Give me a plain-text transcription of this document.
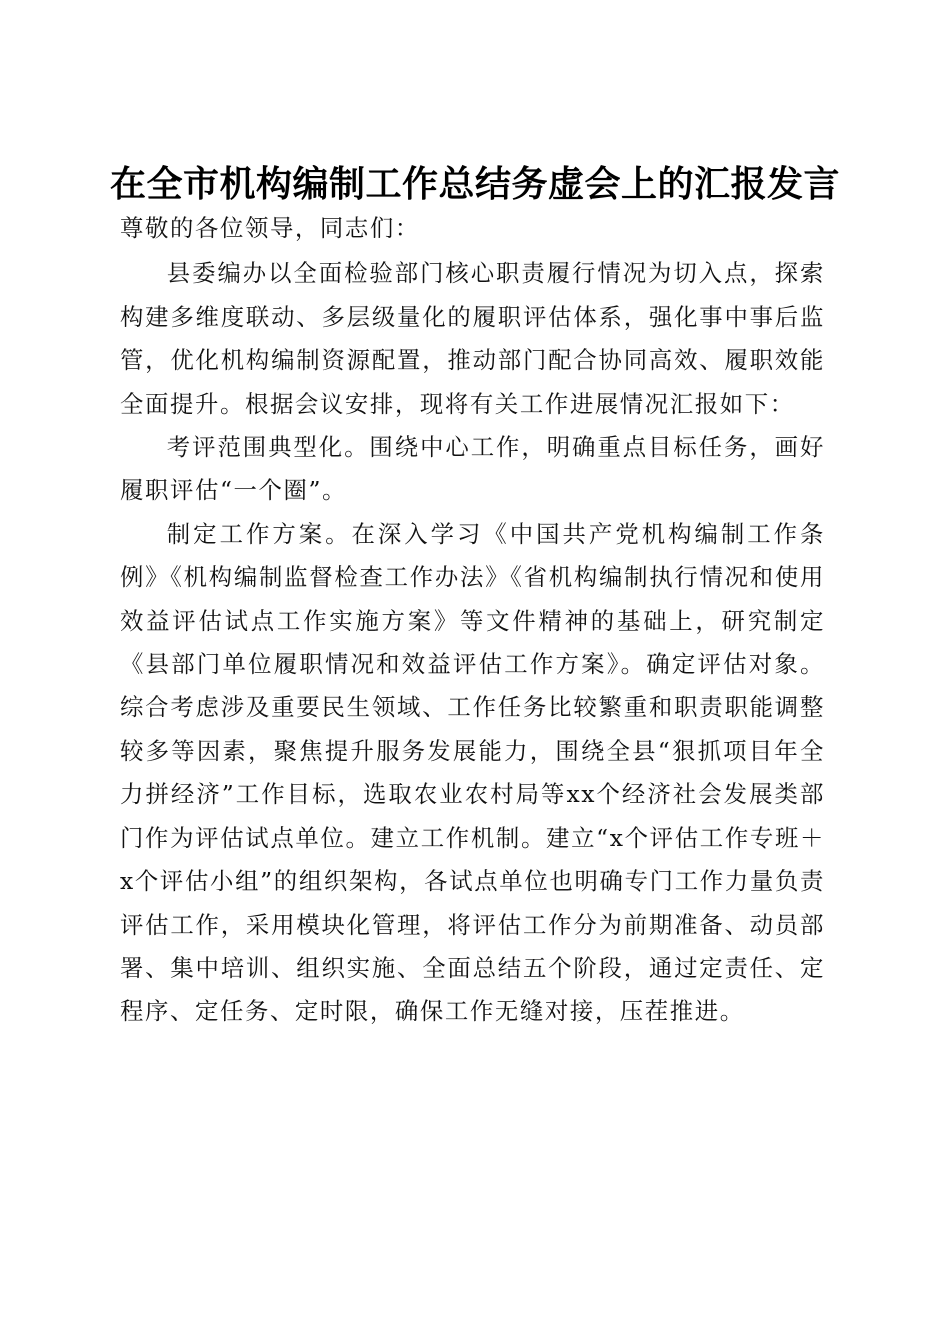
在全市机构编制工作总结务虚会上的汇报发言

尊敬的各位领导，同志们：

县委编办以全面检验部门核心职责履行情况为切入点，探索构建多维度联动、多层级量化的履职评估体系，强化事中事后监管，优化机构编制资源配置，推动部门配合协同高效、履职效能全面提升。根据会议安排，现将有关工作进展情况汇报如下：

考评范围典型化。围绕中心工作，明确重点目标任务，画好履职评估“一个圈”。

制定工作方案。在深入学习《中国共产党机构编制工作条例》《机构编制监督检查工作办法》《省机构编制执行情况和使用效益评估试点工作实施方案》等文件精神的基础上，研究制定《县部门单位履职情况和效益评估工作方案》。确定评估对象。综合考虑涉及重要民生领域、工作任务比较繁重和职责职能调整较多等因素，聚焦提升服务发展能力，围绕全县“狠抓项目年全力拼经济”工作目标，选取农业农村局等xx个经济社会发展类部门作为评估试点单位。建立工作机制。建立“x个评估工作专班＋x个评估小组”的组织架构，各试点单位也明确专门工作力量负责评估工作，采用模块化管理，将评估工作分为前期准备、动员部署、集中培训、组织实施、全面总结五个阶段，通过定责任、定程序、定任务、定时限，确保工作无缝对接，压茬推进。
